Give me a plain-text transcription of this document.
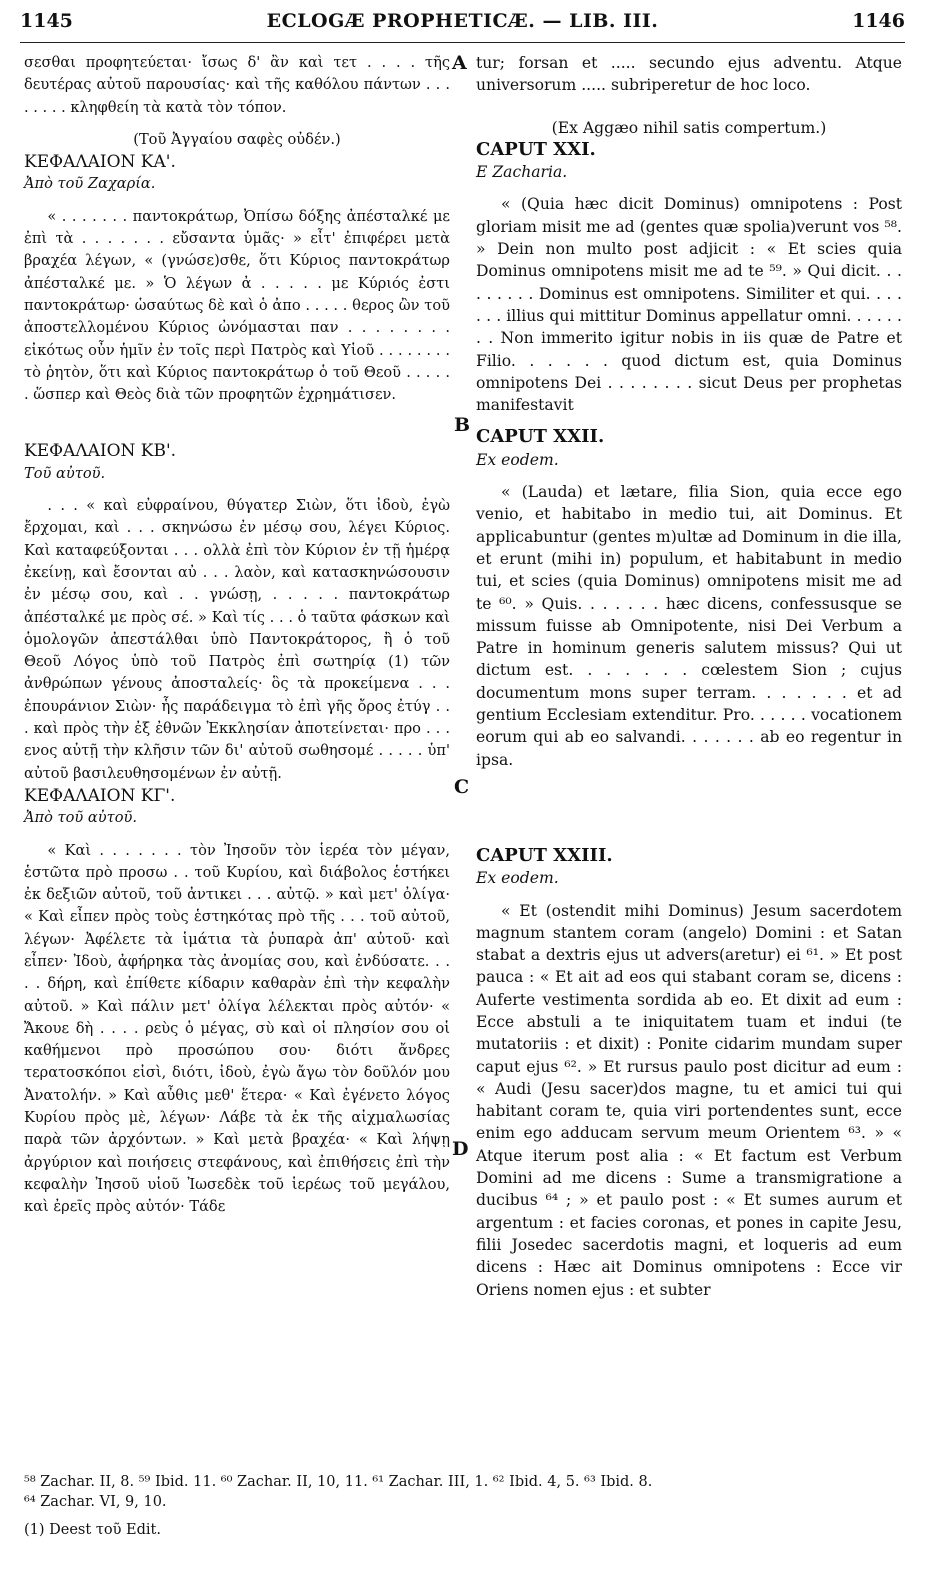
1145	ECLOGÆ PROPHETICÆ. — LIB. III.	1146
A
B
C
D

σεσθαι προφητεύεται· ἴσως δ' ἂν καὶ τετ . . . . τῆς δευτέρας αὐτοῦ παρουσίας· καὶ τῆς καθόλου πάντων . . . . . . . . κληφθείη τὰ κατὰ τὸν τόπον.

(Τοῦ Ἀγγαίου σαφὲς οὐδέν.)

ΚΕΦΑΛΑΙΟΝ ΚΑ'.

Ἀπὸ τοῦ Ζαχαρία.

« . . . . . . . παντοκράτωρ, Ὀπίσω δόξης ἀπέσταλκέ με ἐπὶ τὰ . . . . . . . εὔσαντα ὑμᾶς· » εἶτ' ἐπιφέρει μετὰ βραχέα λέγων, « (γνώσε)σθε, ὅτι Κύριος παντοκράτωρ ἀπέσταλκέ με. » Ὁ λέγων ἀ . . . . . με Κύριός ἐστι παντοκράτωρ· ὡσαύτως δὲ καὶ ὁ ἀπο . . . . . θερος ὢν τοῦ ἀποστελλομένου Κύριος ὠνόμασται παν . . . . . . . . εἰκότως οὖν ἡμῖν ἐν τοῖς περὶ Πατρὸς καὶ Υἱοῦ . . . . . . . . τὸ ῥητὸν, ὅτι καὶ Κύριος παντοκράτωρ ὁ τοῦ Θεοῦ . . . . . . ὥσπερ καὶ Θεὸς διὰ τῶν προφητῶν ἐχρημάτισεν.

ΚΕΦΑΛΑΙΟΝ ΚΒ'.

Τοῦ αὐτοῦ.

. . . « καὶ εὐφραίνου, θύγατερ Σιὼν, ὅτι ἰδοὺ, ἐγὼ ἔρχομαι, καὶ . . . σκηνώσω ἐν μέσῳ σου, λέγει Κύριος. Καὶ καταφεύξονται . . . ολλὰ ἐπὶ τὸν Κύριον ἐν τῇ ἡμέρᾳ ἐκείνῃ, καὶ ἔσονται αὐ . . . λαὸν, καὶ κατασκηνώσουσιν ἐν μέσῳ σου, καὶ . . γνώσῃ, . . . . . παντοκράτωρ ἀπέσταλκέ με πρὸς σέ. » Καὶ τίς . . . ὁ ταῦτα φάσκων καὶ ὁμολογῶν ἀπεστάλθαι ὑπὸ Παντοκράτορος, ἢ ὁ τοῦ Θεοῦ Λόγος ὑπὸ τοῦ Πατρὸς ἐπὶ σωτηρίᾳ (1) τῶν ἀνθρώπων γένους ἀποσταλείς· ὃς τὰ προκείμενα . . . ἐπουράνιον Σιὼν· ἧς παράδειγμα τὸ ἐπὶ γῆς ὄρος ἐτύγ . . . καὶ πρὸς τὴν ἐξ ἐθνῶν Ἐκκλησίαν ἀποτείνεται· προ . . . ενος αὐτῇ τὴν κλῆσιν τῶν δι' αὐτοῦ σωθησομέ . . . . . ὑπ' αὐτοῦ βασιλευθησομένων ἐν αὐτῇ.

ΚΕΦΑΛΑΙΟΝ ΚΓ'.

Ἀπὸ τοῦ αὐτοῦ.

« Καὶ . . . . . . . τὸν Ἰησοῦν τὸν ἱερέα τὸν μέγαν, ἑστῶτα πρὸ προσω . . τοῦ Κυρίου, καὶ διάβολος ἑστήκει ἐκ δεξιῶν αὐτοῦ, τοῦ ἀντικει . . . αὐτῷ. » καὶ μετ' ὀλίγα· « Καὶ εἶπεν πρὸς τοὺς ἑστηκότας πρὸ τῆς . . . τοῦ αὐτοῦ, λέγων· Ἀφέλετε τὰ ἱμάτια τὰ ῥυπαρὰ ἀπ' αὐτοῦ· καὶ εἶπεν· Ἰδοὺ, ἀφήρηκα τὰς ἀνομίας σου, καὶ ἐνδύσατε. . . . . δήρη, καὶ ἐπίθετε κίδαριν καθαρὰν ἐπὶ τὴν κεφαλὴν αὐτοῦ. » Καὶ πάλιν μετ' ὀλίγα λέλεκται πρὸς αὐτόν· « Ἄκουε δὴ . . . . ρεὺς ὁ μέγας, σὺ καὶ οἱ πλησίον σου οἱ καθήμενοι πρὸ προσώπου σου· διότι ἄνδρες τερατοσκόποι εἰσὶ, διότι, ἰδοὺ, ἐγὼ ἄγω τὸν δοῦλόν μου Ἀνατολήν. » Καὶ αὖθις μεθ' ἕτερα· « Καὶ ἐγένετο λόγος Κυρίου πρὸς μὲ, λέγων· Λάβε τὰ ἐκ τῆς αἰχμαλωσίας παρὰ τῶν ἀρχόντων. » Καὶ μετὰ βραχέα· « Καὶ λήψῃ ἀργύριον καὶ ποιήσεις στεφάνους, καὶ ἐπιθήσεις ἐπὶ τὴν κεφαλὴν Ἰησοῦ υἱοῦ Ἰωσεδὲκ τοῦ ἱερέως τοῦ μεγάλου, καὶ ἐρεῖς πρὸς αὐτόν· Τάδε

tur; forsan et ..... secundo ejus adventu. Atque universorum ..... subriperetur de hoc loco.

(Ex Aggæo nihil satis compertum.)

CAPUT XXI.

E Zacharia.

« (Quia hæc dicit Dominus) omnipotens : Post gloriam misit me ad (gentes quæ spolia)verunt vos ⁵⁸. » Dein non multo post adjicit : « Et scies quia Dominus omnipotens misit me ad te ⁵⁹. » Qui dicit. . . . . . . . . Dominus est omnipotens. Similiter et qui. . . . . . . illius qui mittitur Dominus appellatur omni. . . . . . . . Non immerito igitur nobis in iis quæ de Patre et Filio. . . . . . quod dictum est, quia Dominus omnipotens Dei . . . . . . . . sicut Deus per prophetas manifestavit

CAPUT XXII.

Ex eodem.

« (Lauda) et lætare, filia Sion, quia ecce ego venio, et habitabo in medio tui, ait Dominus. Et applicabuntur (gentes m)ultæ ad Dominum in die illa, et erunt (mihi in) populum, et habitabunt in medio tui, et scies (quia Dominus) omnipotens misit me ad te ⁶⁰. » Quis. . . . . . . hæc dicens, confessusque se missum fuisse ab Omnipotente, nisi Dei Verbum a Patre in hominum generis salutem missus? Qui ut dictum est. . . . . . . cœlestem Sion ; cujus documentum mons super terram. . . . . . . et ad gentium Ecclesiam extenditur. Pro. . . . . . vocationem eorum qui ab eo salvandi. . . . . . . ab eo regentur in ipsa.

CAPUT XXIII.

Ex eodem.

« Et (ostendit mihi Dominus) Jesum sacerdotem magnum stantem coram (angelo) Domini : et Satan stabat a dextris ejus ut advers(aretur) ei ⁶¹. » Et post pauca : « Et ait ad eos qui stabant coram se, dicens : Auferte vestimenta sordida ab eo. Et dixit ad eum : Ecce abstuli a te iniquitatem tuam et indui (te mutatoriis : et dixit) : Ponite cidarim mundam super caput ejus ⁶². » Et rursus paulo post dicitur ad eum : « Audi (Jesu sacer)dos magne, tu et amici tui qui habitant coram te, quia viri portendentes sunt, ecce enim ego adducam servum meum Orientem ⁶³. » « Atque iterum post alia : « Et factum est Verbum Domini ad me dicens : Sume a transmigratione a ducibus ⁶⁴ ; » et paulo post : « Et sumes aurum et argentum : et facies coronas, et pones in capite Jesu, filii Josedec sacerdotis magni, et loqueris ad eum dicens : Hæc ait Dominus omnipotens : Ecce vir Oriens nomen ejus : et subter

⁵⁸ Zachar. II, 8. ⁵⁹ Ibid. 11. ⁶⁰ Zachar. II, 10, 11. ⁶¹ Zachar. III, 1. ⁶² Ibid. 4, 5. ⁶³ Ibid. 8.

⁶⁴ Zachar. VI, 9, 10.

(1) Deest τοῦ Edit.
